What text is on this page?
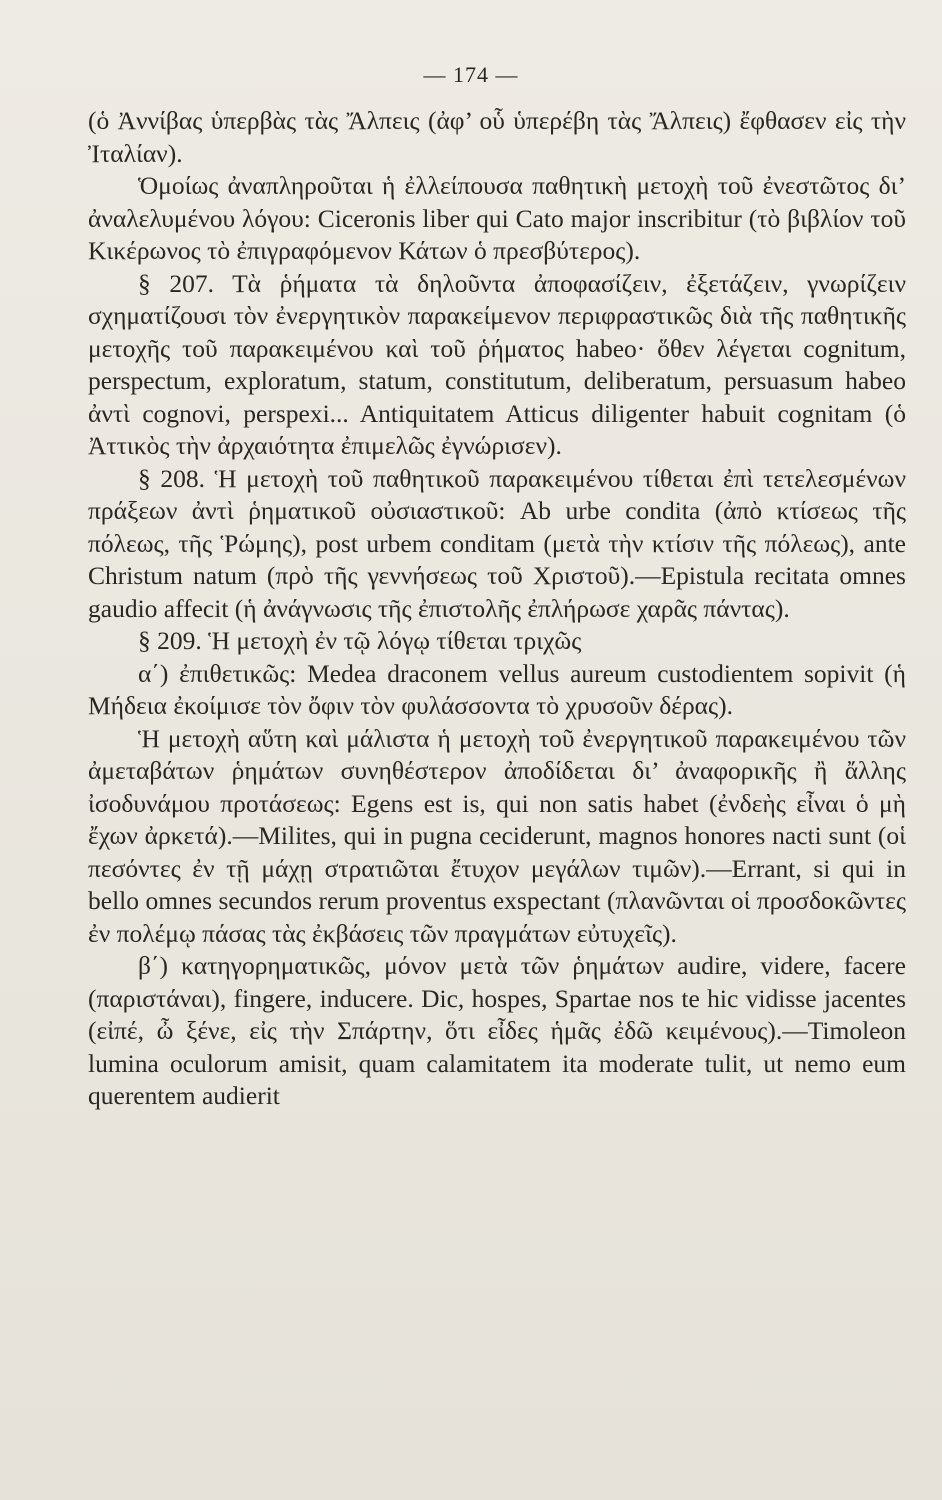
— 174 —

(ὁ Ἀννίβας ὑπερβὰς τὰς Ἄλπεις (ἀφ’ οὗ ὑπερέβη τὰς Ἄλπεις) ἔφθασεν εἰς τὴν Ἰταλίαν).

Ὁμοίως ἀναπληροῦται ἡ ἐλλείπουσα παθητικὴ μετοχὴ τοῦ ἐνεστῶτος δι’ ἀναλελυμένου λόγου: Ciceronis liber qui Cato major inscribitur (τὸ βιβλίον τοῦ Κικέρωνος τὸ ἐπιγραφόμενον Κάτων ὁ πρεσβύτερος).

§ 207. Τὰ ῥήματα τὰ δηλοῦντα ἀποφασίζειν, ἐξετάζειν, γνωρίζειν σχηματίζουσι τὸν ἐνεργητικὸν παρακείμενον περιφραστικῶς διὰ τῆς παθητικῆς μετοχῆς τοῦ παρακειμένου καὶ τοῦ ῥήματος habeo· ὅθεν λέγεται cognitum, perspectum, exploratum, statum, constitutum, deliberatum, persuasum habeo ἀντὶ cognovi, perspexi... Antiquitatem Atticus diligenter habuit cognitam (ὁ Ἀττικὸς τὴν ἀρχαιότητα ἐπιμελῶς ἐγνώρισεν).

§ 208. Ἡ μετοχὴ τοῦ παθητικοῦ παρακειμένου τίθεται ἐπὶ τετελεσμένων πράξεων ἀντὶ ῥηματικοῦ οὐσιαστικοῦ: Ab urbe condita (ἀπὸ κτίσεως τῆς πόλεως, τῆς Ῥώμης), post urbem conditam (μετὰ τὴν κτίσιν τῆς πόλεως), ante Christum natum (πρὸ τῆς γεννήσεως τοῦ Χριστοῦ).—Epistula recitata omnes gaudio affecit (ἡ ἀνάγνωσις τῆς ἐπιστολῆς ἐπλήρωσε χαρᾶς πάντας).

§ 209. Ἡ μετοχὴ ἐν τῷ λόγῳ τίθεται τριχῶς

α΄) ἐπιθετικῶς: Medea draconem vellus aureum custodientem sopivit (ἡ Μήδεια ἐκοίμισε τὸν ὄφιν τὸν φυλάσσοντα τὸ χρυσοῦν δέρας).

Ἡ μετοχὴ αὕτη καὶ μάλιστα ἡ μετοχὴ τοῦ ἐνεργητικοῦ παρακειμένου τῶν ἀμεταβάτων ῥημάτων συνηθέστερον ἀποδίδεται δι’ ἀναφορικῆς ἢ ἄλλης ἰσοδυνάμου προτάσεως: Egens est is, qui non satis habet (ἐνδεὴς εἶναι ὁ μὴ ἔχων ἀρκετά).—Milites, qui in pugna ceciderunt, magnos honores nacti sunt (οἱ πεσόντες ἐν τῇ μάχῃ στρατιῶται ἔτυχον μεγάλων τιμῶν).—Errant, si qui in bello omnes secundos rerum proventus exspectant (πλανῶνται οἱ προσδοκῶντες ἐν πολέμῳ πάσας τὰς ἐκβάσεις τῶν πραγμάτων εὐτυχεῖς).

β΄) κατηγορηματικῶς, μόνον μετὰ τῶν ῥημάτων audire, videre, facere (παριστάναι), fingere, inducere. Dic, hospes, Spartae nos te hic vidisse jacentes (εἰπέ, ὦ ξένε, εἰς τὴν Σπάρτην, ὅτι εἶδες ἡμᾶς ἐδῶ κειμένους).—Timoleon lumina oculorum amisit, quam calamitatem ita moderate tulit, ut nemo eum querentem audierit
